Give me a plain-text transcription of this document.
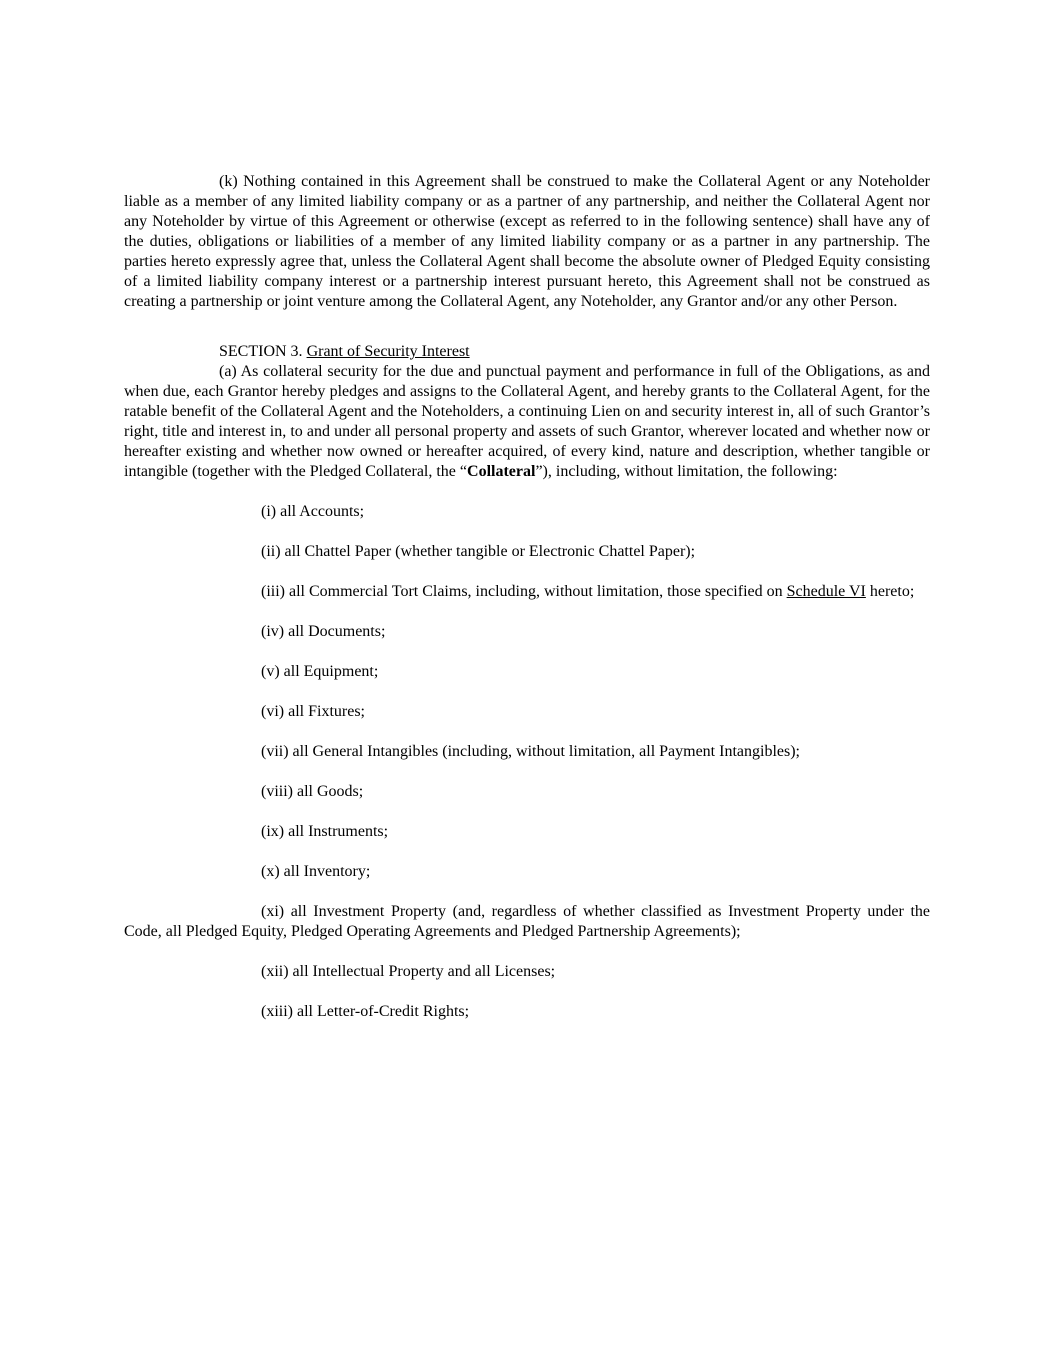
(k) Nothing contained in this Agreement shall be construed to make the Collateral Agent or any Noteholder liable as a member of any limited liability company or as a partner of any partnership, and neither the Collateral Agent nor any Noteholder by virtue of this Agreement or otherwise (except as referred to in the following sentence) shall have any of the duties, obligations or liabilities of a member of any limited liability company or as a partner in any partnership. The parties hereto expressly agree that, unless the Collateral Agent shall become the absolute owner of Pledged Equity consisting of a limited liability company interest or a partnership interest pursuant hereto, this Agreement shall not be construed as creating a partnership or joint venture among the Collateral Agent, any Noteholder, any Grantor and/or any other Person.

SECTION 3. Grant of Security Interest

(a) As collateral security for the due and punctual payment and performance in full of the Obligations, as and when due, each Grantor hereby pledges and assigns to the Collateral Agent, and hereby grants to the Collateral Agent, for the ratable benefit of the Collateral Agent and the Noteholders, a continuing Lien on and security interest in, all of such Grantor’s right, title and interest in, to and under all personal property and assets of such Grantor, wherever located and whether now or hereafter existing and whether now owned or hereafter acquired, of every kind, nature and description, whether tangible or intangible (together with the Pledged Collateral, the “Collateral”), including, without limitation, the following:

(i) all Accounts;

(ii) all Chattel Paper (whether tangible or Electronic Chattel Paper);

(iii) all Commercial Tort Claims, including, without limitation, those specified on Schedule VI hereto;

(iv) all Documents;

(v) all Equipment;

(vi) all Fixtures;

(vii) all General Intangibles (including, without limitation, all Payment Intangibles);

(viii) all Goods;

(ix) all Instruments;

(x) all Inventory;

(xi) all Investment Property (and, regardless of whether classified as Investment Property under the Code, all Pledged Equity, Pledged Operating Agreements and Pledged Partnership Agreements);

(xii) all Intellectual Property and all Licenses;

(xiii) all Letter-of-Credit Rights;
